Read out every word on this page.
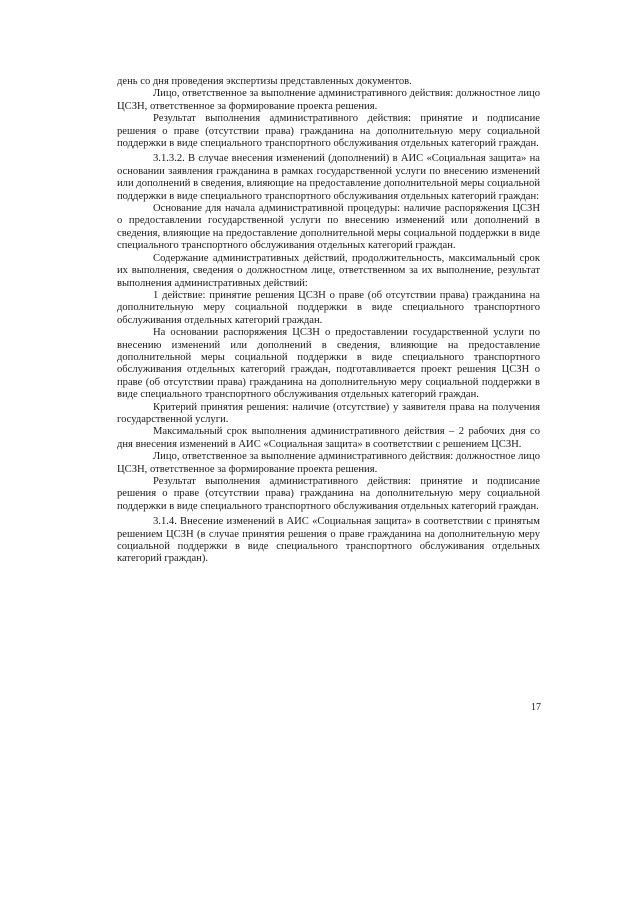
день со дня проведения экспертизы представленных документов.

Лицо, ответственное за выполнение административного действия: должностное лицо ЦСЗН, ответственное за формирование проекта решения.

Результат выполнения административного действия: принятие и подписание решения о праве (отсутствии права) гражданина на дополнительную меру социальной поддержки в виде специального транспортного обслуживания отдельных категорий граждан.

3.1.3.2. В случае внесения изменений (дополнений) в АИС «Социальная защита» на основании заявления гражданина в рамках государственной услуги по внесению изменений или дополнений в сведения, влияющие на предоставление дополнительной меры социальной поддержки в виде специального транспортного обслуживания отдельных категорий граждан:

Основание для начала административной процедуры: наличие распоряжения ЦСЗН о предоставлении государственной услуги по внесению изменений или дополнений в сведения, влияющие на предоставление дополнительной меры социальной поддержки в виде специального транспортного обслуживания отдельных категорий граждан.

Содержание административных действий, продолжительность, максимальный срок их выполнения, сведения о должностном лице, ответственном за их выполнение, результат выполнения административных действий:

1 действие: принятие решения ЦСЗН о праве (об отсутствии права) гражданина на дополнительную меру социальной поддержки в виде специального транспортного обслуживания отдельных категорий граждан.

На основании распоряжения ЦСЗН о предоставлении государственной услуги по внесению изменений или дополнений в сведения, влияющие на предоставление дополнительной меры социальной поддержки в виде специального транспортного обслуживания отдельных категорий граждан, подготавливается проект решения ЦСЗН о праве (об отсутствии права) гражданина на дополнительную меру социальной поддержки в виде специального транспортного обслуживания отдельных категорий граждан.

Критерий принятия решения: наличие (отсутствие) у заявителя права на получения государственной услуги.

Максимальный срок выполнения административного действия – 2 рабочих дня со дня внесения изменений в АИС «Социальная защита» в соответствии с решением ЦСЗН.

Лицо, ответственное за выполнение административного действия: должностное лицо ЦСЗН, ответственное за формирование проекта решения.

Результат выполнения административного действия: принятие и подписание решения о праве (отсутствии права) гражданина на дополнительную меру социальной поддержки в виде специального транспортного обслуживания отдельных категорий граждан.

3.1.4. Внесение изменений в АИС «Социальная защита» в соответствии с принятым решением ЦСЗН (в случае принятия решения о праве гражданина на дополнительную меру социальной поддержки в виде специального транспортного обслуживания отдельных категорий граждан).

17
